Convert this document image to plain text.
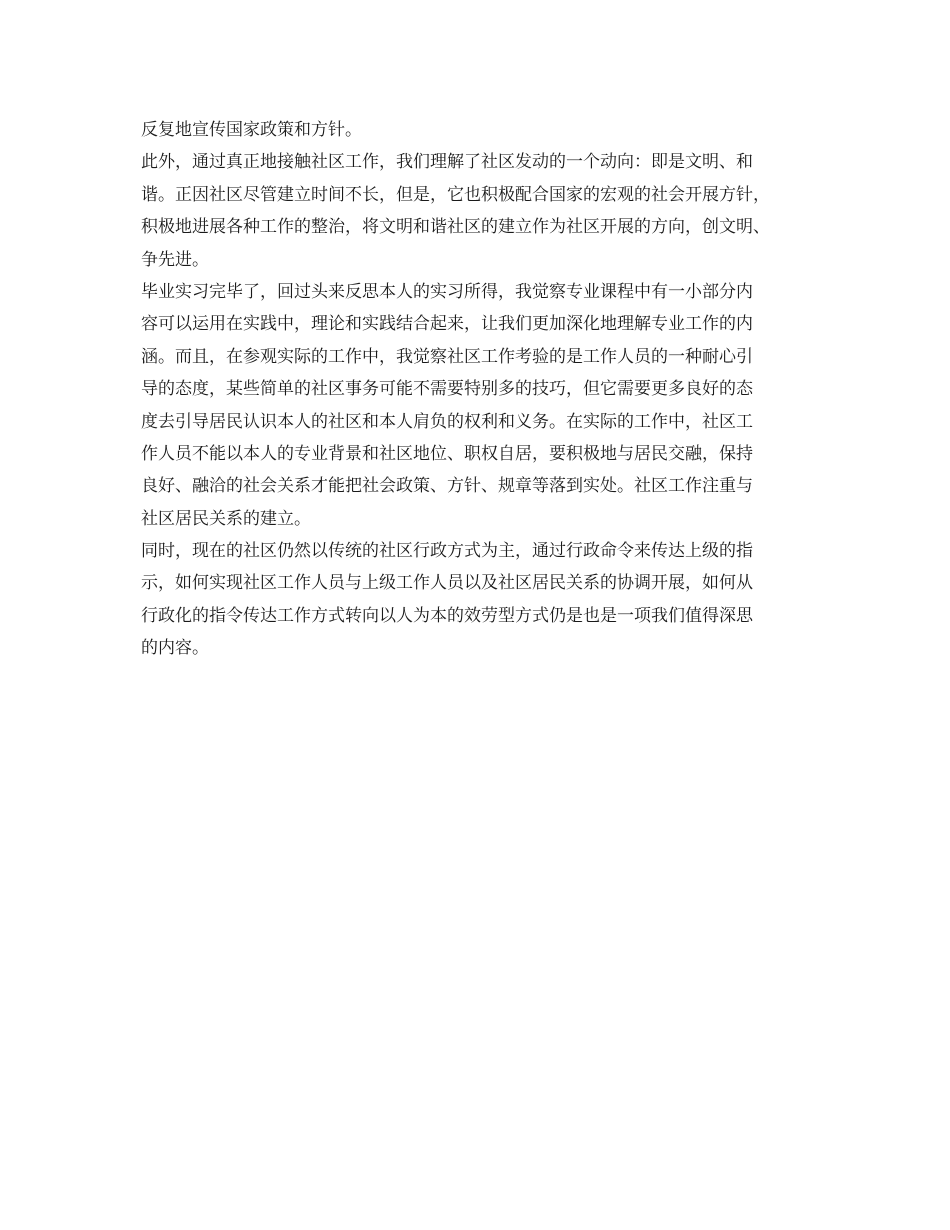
反复地宣传国家政策和方针。
此外，通过真正地接触社区工作，我们理解了社区发动的一个动向：即是文明、和
谐。正因社区尽管建立时间不长，但是，它也积极配合国家的宏观的社会开展方针，
积极地进展各种工作的整治，将文明和谐社区的建立作为社区开展的方向，创文明、
争先进。
毕业实习完毕了，回过头来反思本人的实习所得，我觉察专业课程中有一小部分内
容可以运用在实践中，理论和实践结合起来，让我们更加深化地理解专业工作的内
涵。而且，在参观实际的工作中，我觉察社区工作考验的是工作人员的一种耐心引
导的态度，某些简单的社区事务可能不需要特别多的技巧，但它需要更多良好的态
度去引导居民认识本人的社区和本人肩负的权利和义务。在实际的工作中，社区工
作人员不能以本人的专业背景和社区地位、职权自居，要积极地与居民交融，保持
良好、融洽的社会关系才能把社会政策、方针、规章等落到实处。社区工作注重与
社区居民关系的建立。
同时，现在的社区仍然以传统的社区行政方式为主，通过行政命令来传达上级的指
示，如何实现社区工作人员与上级工作人员以及社区居民关系的协调开展，如何从
行政化的指令传达工作方式转向以人为本的效劳型方式仍是也是一项我们值得深思
的内容。
